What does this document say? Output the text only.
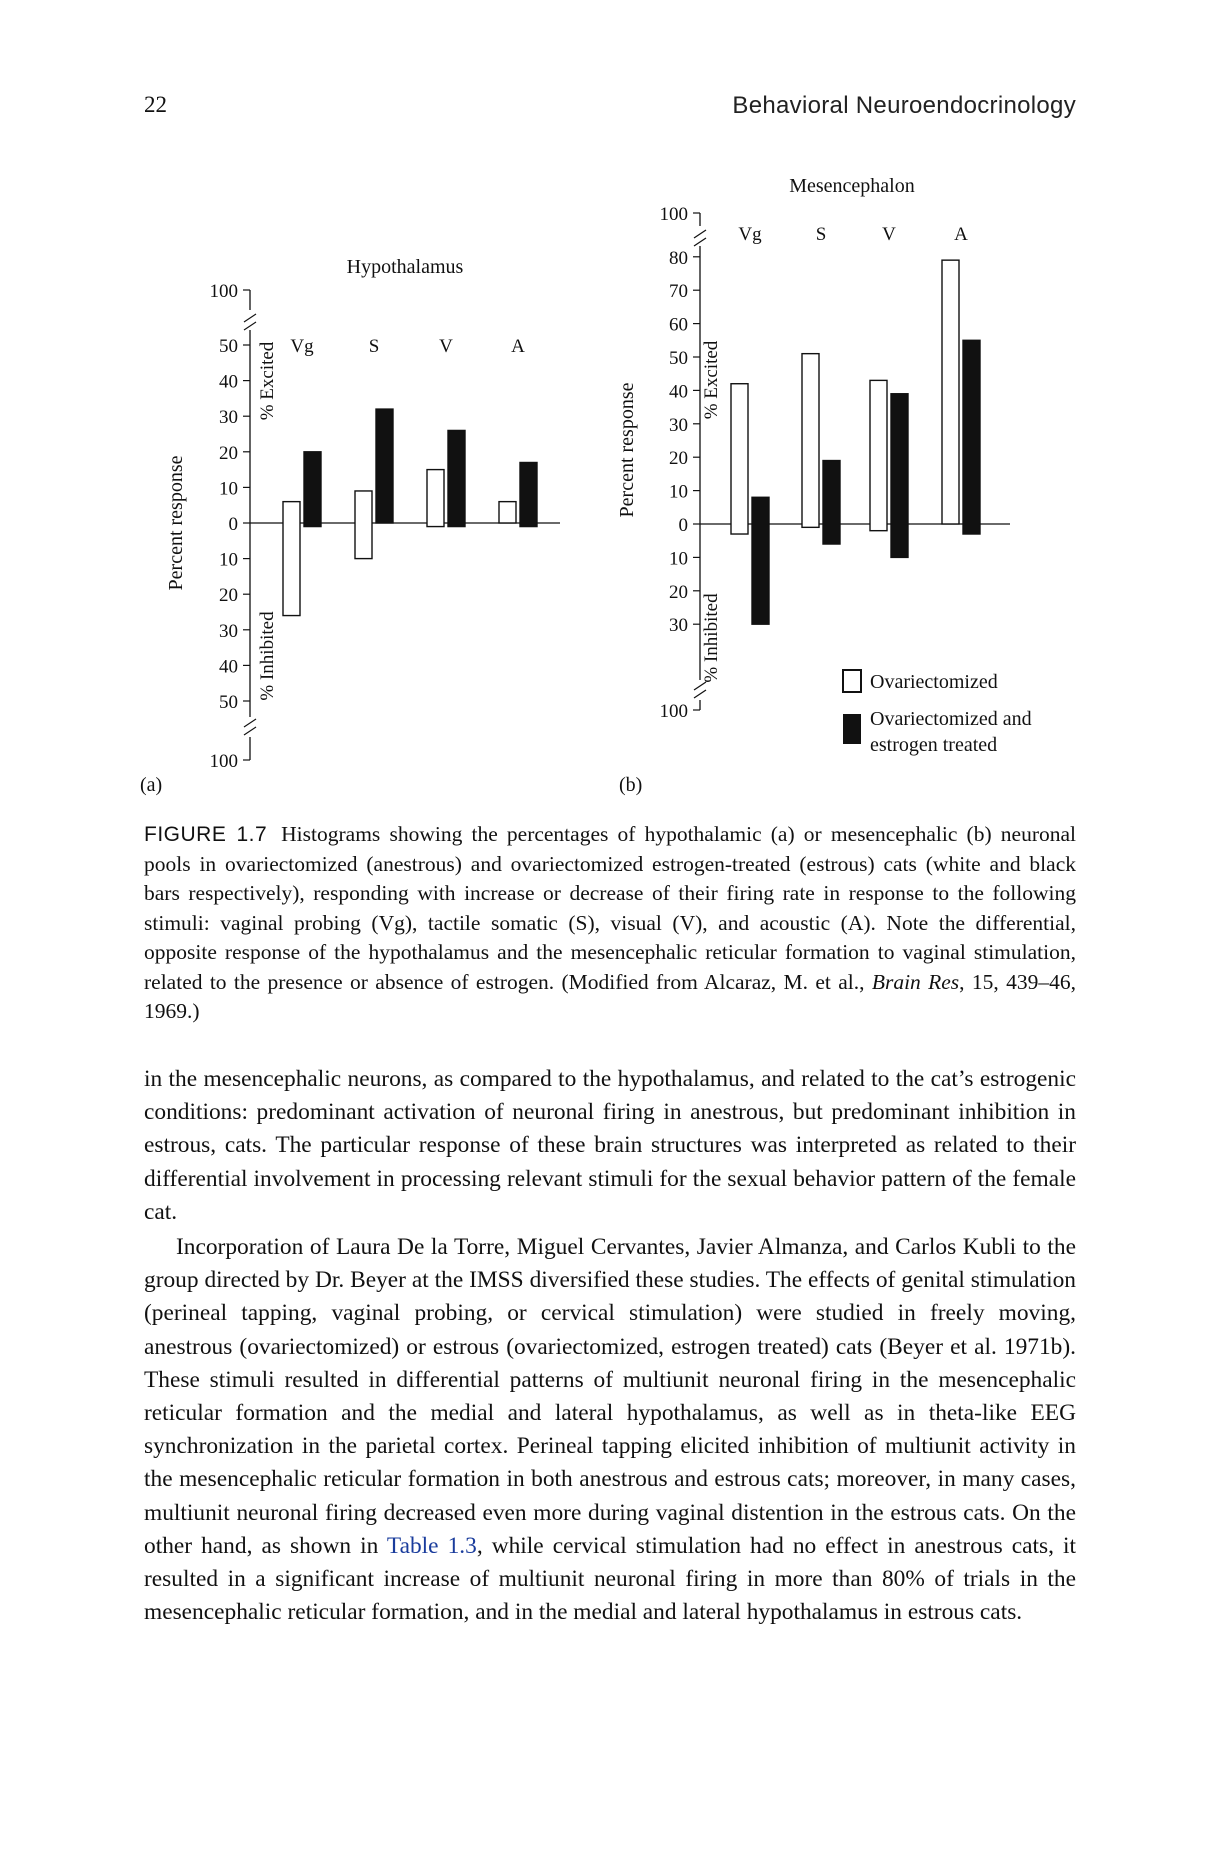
22	Behavioral Neuroendocrinology
100
100
0
10
20
30
40
50
10
20
30
40
50
Hypothalamus
Percent response
% Excited
% Inhibited
(a)
Vg	S	V	A
100
100
0
10
20
30
40
50
60
70
80
10
20
30
Mesencephalon
Percent response
% Excited
% Inhibited
(b)
Vg	S	V	A
Ovariectomized
Ovariectomized and
estrogen treated
FIGURE 1.7 Histograms showing the percentages of hypothalamic (a) or mesencephalic (b) neuronal pools in ovariectomized (anestrous) and ovariectomized estrogen-treated (estrous) cats (white and black bars respectively), responding with increase or decrease of their firing rate in response to the following stimuli: vaginal probing (Vg), tactile somatic (S), visual (V), and acoustic (A). Note the differential, opposite response of the hypothalamus and the mesencephalic reticular formation to vaginal stimulation, related to the presence or absence of estrogen. (Modified from Alcaraz, M. et al., Brain Res, 15, 439–46, 1969.)

in the mesencephalic neurons, as compared to the hypothalamus, and related to the cat’s estrogenic conditions: predominant activation of neuronal firing in anestrous, but predominant inhibition in estrous, cats. The particular response of these brain structures was interpreted as related to their differential involvement in processing relevant stimuli for the sexual behavior pattern of the female cat.

Incorporation of Laura De la Torre, Miguel Cervantes, Javier Almanza, and Carlos Kubli to the group directed by Dr. Beyer at the IMSS diversified these studies. The effects of genital stimulation (perineal tapping, vaginal probing, or cervical stimulation) were studied in freely moving, anestrous (ovariectomized) or estrous (ovariectomized, estrogen treated) cats (Beyer et al. 1971b). These stimuli resulted in differential patterns of multiunit neuronal firing in the mesencephalic reticular formation and the medial and lateral hypothalamus, as well as in theta-like EEG synchronization in the parietal cortex. Perineal tapping elicited inhibition of multiunit activity in the mesencephalic reticular formation in both anestrous and estrous cats; moreover, in many cases, multiunit neuronal firing decreased even more during vaginal distention in the estrous cats. On the other hand, as shown in Table 1.3, while cervical stimulation had no effect in anestrous cats, it resulted in a significant increase of multiunit neuronal firing in more than 80% of trials in the mesencephalic reticular formation, and in the medial and lateral hypothalamus in estrous cats.
